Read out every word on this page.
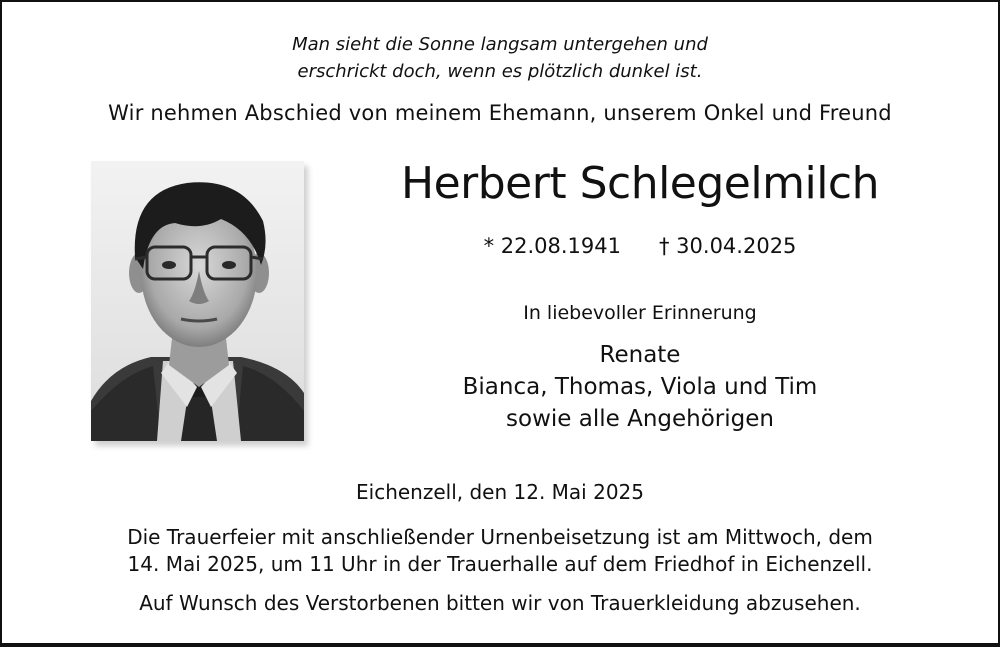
Man sieht die Sonne langsam untergehen und
erschrickt doch, wenn es plötzlich dunkel ist.
Wir nehmen Abschied von meinem Ehemann, unserem Onkel und Freund
Herbert Schlegelmilch
* 22.08.1941 † 30.04.2025
In liebevoller Erinnerung
Renate
Bianca, Thomas, Viola und Tim
sowie alle Angehörigen
Eichenzell, den 12. Mai 2025
Die Trauerfeier mit anschließender Urnenbeisetzung ist am Mittwoch, dem
14. Mai 2025, um 11 Uhr in der Trauerhalle auf dem Friedhof in Eichenzell.
Auf Wunsch des Verstorbenen bitten wir von Trauerkleidung abzusehen.
